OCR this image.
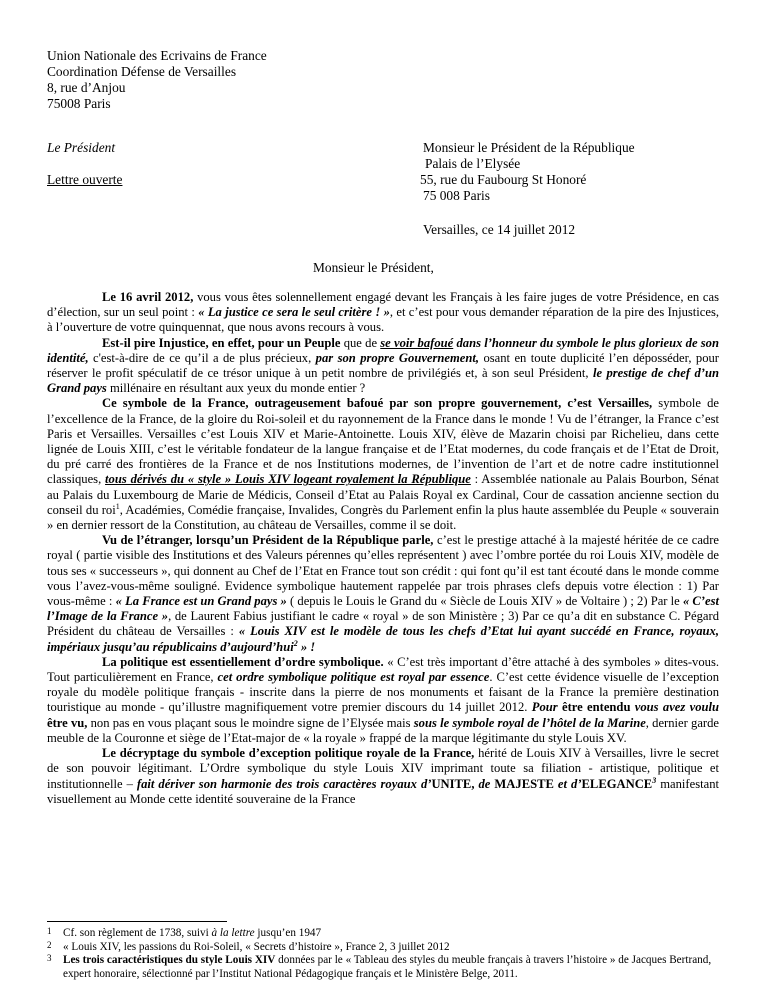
Union Nationale des Ecrivains de France
Coordination Défense de Versailles
8, rue d’Anjou
75008 Paris
Le Président
Lettre ouverte
Monsieur le Président de la République
Palais de l’Elysée
55, rue du Faubourg St Honoré
75 008 Paris
Versailles, ce 14 juillet 2012
Monsieur le Président,

Le 16 avril 2012, vous vous êtes solennellement engagé devant les Français à les faire juges de votre Présidence, en cas d’élection, sur un seul point : « La justice ce sera le seul critère ! », et c’est pour vous demander réparation de la pire des Injustices, à l’ouverture de votre quinquennat, que nous avons recours à vous.

Est-il pire Injustice, en effet, pour un Peuple que de se voir bafoué dans l’honneur du symbole le plus glorieux de son identité, c'est-à-dire de ce qu’il a de plus précieux, par son propre Gouvernement, osant en toute duplicité l’en déposséder, pour réserver le profit spéculatif de ce trésor unique à un petit nombre de privilégiés et, à son seul Président, le prestige de chef d’un Grand pays millénaire en résultant aux yeux du monde entier ?

Ce symbole de la France, outrageusement bafoué par son propre gouvernement, c’est Versailles, symbole de l’excellence de la France, de la gloire du Roi-soleil et du rayonnement de la France dans le monde ! Vu de l’étranger, la France c’est Paris et Versailles. Versailles c’est Louis XIV et Marie-Antoinette. Louis XIV, élève de Mazarin choisi par Richelieu, dans cette lignée de Louis XIII, c’est le véritable fondateur de la langue française et de l’Etat modernes, du code français et de l’Etat de Droit, du pré carré des frontières de la France et de nos Institutions modernes, de l’invention de l’art et de notre cadre institutionnel classiques, tous dérivés du « style » Louis XIV logeant royalement la République : Assemblée nationale au Palais Bourbon, Sénat au Palais du Luxembourg de Marie de Médicis, Conseil d’Etat au Palais Royal ex Cardinal, Cour de cassation ancienne section du conseil du roi$^1$, Académies, Comédie française, Invalides, Congrès du Parlement enfin la plus haute assemblée du Peuple « souverain » en dernier ressort de la Constitution, au château de Versailles, comme il se doit.

Vu de l’étranger, lorsqu’un Président de la République parle, c’est le prestige attaché à la majesté héritée de ce cadre royal ( partie visible des Institutions et des Valeurs pérennes qu’elles représentent ) avec l’ombre portée du roi Louis XIV, modèle de tous ses « successeurs », qui donnent au Chef de l’Etat en France tout son crédit : qui font qu’il est tant écouté dans le monde comme vous l’avez-vous-même souligné. Evidence symbolique hautement rappelée par trois phrases clefs depuis votre élection : 1) Par vous-même : « La France est un Grand pays » ( depuis le Louis le Grand du « Siècle de Louis XIV » de Voltaire ) ; 2) Par le « C’est l’Image de la France », de Laurent Fabius justifiant le cadre « royal » de son Ministère ; 3) Par ce qu’a dit en substance C. Pégard Président du château de Versailles : « Louis XIV est le modèle de tous les chefs d’Etat lui ayant succédé en France, royaux, impériaux jusqu’au républicains d’aujourd’hui$^2$ » !

La politique est essentiellement d’ordre symbolique. « C’est très important d’être attaché à des symboles » dites-vous. Tout particulièrement en France, cet ordre symbolique politique est royal par essence. C’est cette évidence visuelle de l’exception royale du modèle politique français - inscrite dans la pierre de nos monuments et faisant de la France la première destination touristique au monde - qu’illustre magnifiquement votre premier discours du 14 juillet 2012. Pour être entendu vous avez voulu être vu, non pas en vous plaçant sous le moindre signe de l’Elysée mais sous le symbole royal de l’hôtel de la Marine, dernier garde meuble de la Couronne et siège de l’Etat-major de « la royale » frappé de la marque légitimante du style Louis XV.

Le décryptage du symbole d’exception politique royale de la France, hérité de Louis XIV à Versailles, livre le secret de son pouvoir légitimant. L’Ordre symbolique du style Louis XIV imprimant toute sa filiation - artistique, politique et institutionnelle – fait dériver son harmonie des trois caractères royaux d’UNITE, de MAJESTE et d’ELEGANCE$^3$ manifestant visuellement au Monde cette identité souveraine de la France

1 Cf. son règlement de 1738, suivi à la lettre jusqu’en 1947
2 « Louis XIV, les passions du Roi-Soleil, « Secrets d’histoire », France 2, 3 juillet 2012
3 Les trois caractéristiques du style Louis XIV données par le « Tableau des styles du meuble français à travers l’histoire » de Jacques Bertrand, expert honoraire, sélectionné par l’Institut National Pédagogique français et le Ministère Belge, 2011.
